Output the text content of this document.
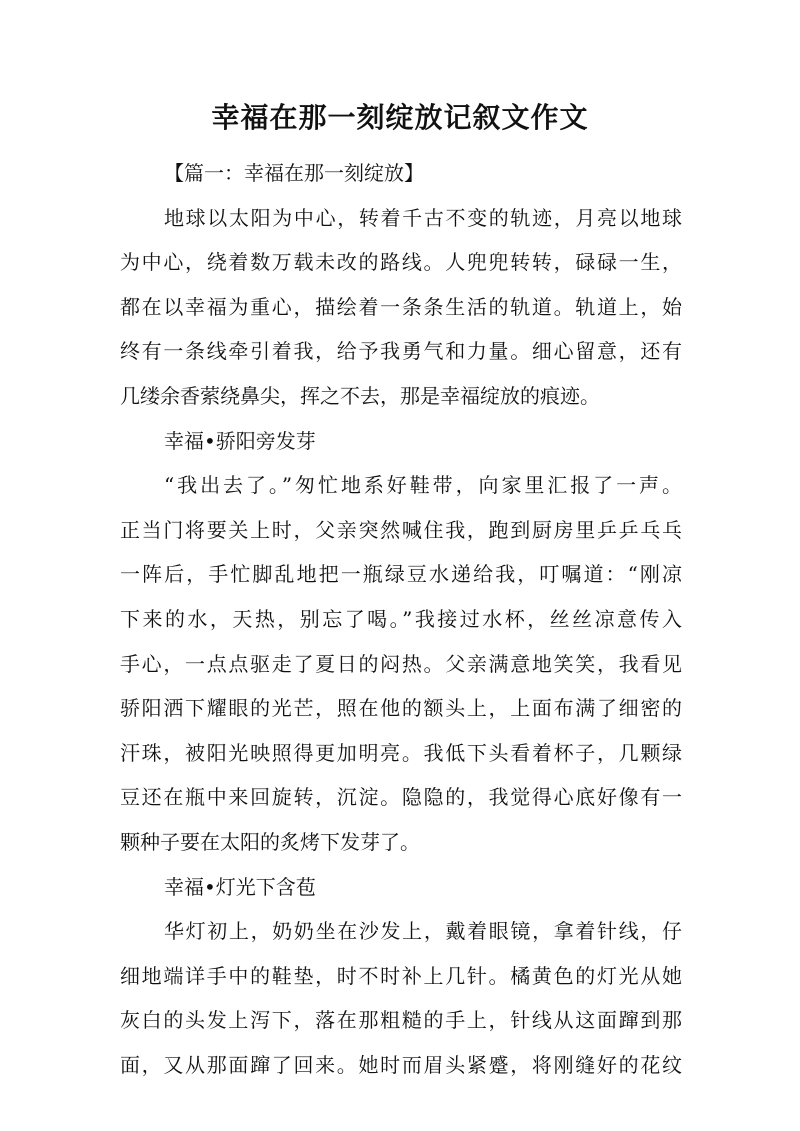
幸福在那一刻绽放记叙文作文

【篇一：幸福在那一刻绽放】

地球以太阳为中心，转着千古不变的轨迹，月亮以地球
为中心，绕着数万载未改的路线。人兜兜转转，碌碌一生，
都在以幸福为重心，描绘着一条条生活的轨道。轨道上，始
终有一条线牵引着我，给予我勇气和力量。细心留意，还有
几缕余香萦绕鼻尖，挥之不去，那是幸福绽放的痕迹。

幸福•骄阳旁发芽

“我出去了。”匆忙地系好鞋带，向家里汇报了一声。
正当门将要关上时，父亲突然喊住我，跑到厨房里乒乒乓乓
一阵后，手忙脚乱地把一瓶绿豆水递给我，叮嘱道：“刚凉
下来的水，天热，别忘了喝。”我接过水杯，丝丝凉意传入
手心，一点点驱走了夏日的闷热。父亲满意地笑笑，我看见
骄阳洒下耀眼的光芒，照在他的额头上，上面布满了细密的
汗珠，被阳光映照得更加明亮。我低下头看着杯子，几颗绿
豆还在瓶中来回旋转，沉淀。隐隐的，我觉得心底好像有一
颗种子要在太阳的炙烤下发芽了。

幸福•灯光下含苞

华灯初上，奶奶坐在沙发上，戴着眼镜，拿着针线，仔
细地端详手中的鞋垫，时不时补上几针。橘黄色的灯光从她
灰白的头发上泻下，落在那粗糙的手上，针线从这面蹿到那
面，又从那面蹿了回来。她时而眉头紧蹙，将刚缝好的花纹
